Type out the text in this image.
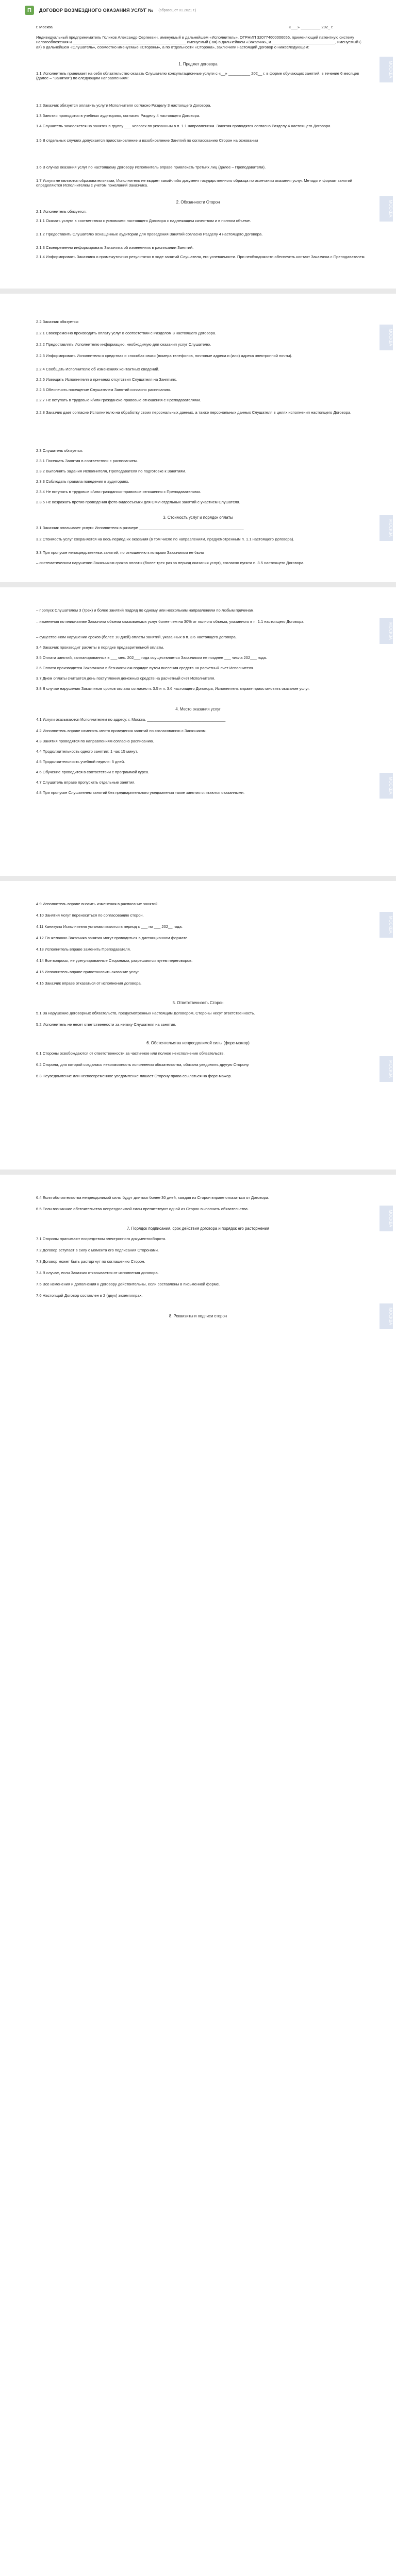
П	ДОГОВОР ВОЗМЕЗДНОГО ОКАЗАНИЯ УСЛУГ № (образец от 01.2021 г.)
г. Москва	«___» _________ 202_ г.
Индивидуальный предприниматель Голиков Александр Сергеевич, именуемый в дальнейшем «Исполнитель», ОГРНИП 320774600006056, применяющий патентную систему налогообложения и ____________________________________________________ именуемый (-ая) в дальнейшем «Заказчик», и _____________________________, именуемый (-ая) в дальнейшем «Слушатель», совместно именуемые «Стороны», а по отдельности «Сторона», заключили настоящий Договор о нижеследующем:
1. Предмет договора
1.1 Исполнитель принимает на себя обязательство оказать Слушателю консультационные услуги с «__» __________ 202__ г. в форме обучающих занятий, в течение 6 месяцев (далее – "Занятия") по следующим направлениям:
1.2 Заказчик обязуется оплатить услуги Исполнителя согласно Разделу 3 настоящего Договора.
1.3 Занятия проводятся в учебных аудиториях, согласно Разделу 4 настоящего Договора.
1.4 Слушатель зачисляется на занятия в группу ___ человек по указанным в п. 1.1 направлениям. Занятия проводятся согласно Разделу 4 настоящего Договора.
1.5 В отдельных случаях допускается приостановление и возобновление Занятий по согласованию Сторон на основании
1.6 В случае оказания услуг по настоящему Договору Исполнитель вправе привлекать третьих лиц (далее – Преподаватели).
1.7 Услуги не являются образовательными, Исполнитель не выдает какой-либо документ государственного образца по окончании оказания услуг. Методы и формат занятий определяются Исполнителем с учетом пожеланий Заказчика.
2. Обязанности Сторон
2.1 Исполнитель обязуется:
2.1.1 Оказать услуги в соответствии с условиями настоящего Договора с надлежащим качеством и в полном объеме.
2.1.2 Предоставить Слушателю оснащенные аудитории для проведения Занятий согласно Разделу 4 настоящего Договора.
2.1.3 Своевременно информировать Заказчика об изменениях в расписании Занятий.
2.1.4 Информировать Заказчика о промежуточных результатах в ходе занятий Слушателя, его успеваемости. При необходимости обеспечить контакт Заказчика с Преподавателем.
МОСКВА
МОСКВА
2.2 Заказчик обязуется:
2.2.1 Своевременно производить оплату услуг в соответствии с Разделом 3 настоящего Договора.
2.2.2 Предоставлять Исполнителю информацию, необходимую для оказания услуг Слушателю.
2.2.3 Информировать Исполнителя о средствах и способах связи (номера телефонов, почтовые адреса и (или) адреса электронной почты).
2.2.4 Сообщать Исполнителю об изменениях контактных сведений.
2.2.5 Извещать Исполнителя о причинах отсутствия Слушателя на Занятиях.
2.2.6 Обеспечить посещение Слушателем Занятий согласно расписанию.
2.2.7 Не вступать в трудовые и/или гражданско-правовые отношения с Преподавателями.
2.2.8 Заказчик дает согласие Исполнителю на обработку своих персональных данных, а также персональных данных Слушателя в целях исполнения настоящего Договора.
2.3 Слушатель обязуется:
2.3.1 Посещать Занятия в соответствии с расписанием.
2.3.2 Выполнять задания Исполнителя, Преподавателя по подготовке к Занятиям.
2.3.3 Соблюдать правила поведения в аудиториях.
2.3.4 Не вступать в трудовые и/или гражданско-правовые отношения с Преподавателями.
2.3.5 Не возражать против проведения фото-видеосъемки для СМИ отдельных занятий с участием Слушателя.
3. Стоимость услуг и порядок оплаты
3.1 Заказчик оплачивает услуги Исполнителя в размере ________________________________________________
3.2 Стоимость услуг сохраняется на весь период их оказания (в том числе по направлениям, предусмотренным п. 1.1 настоящего Договора).
3.3 При пропуске непосредственных занятий, по отношению к которым Заказчиком не было
– систематическом нарушении Заказчиком сроков оплаты (более трех раз за период оказания услуг), согласно пункта п. 3.5 настоящего Договора.
МОСКВА
МОСКВА
– пропуск Слушателем 3 (трех) и более занятий подряд по одному или нескольким направлениям по любым причинам.
– изменения по инициативе Заказчика объема оказываемых услуг более чем на 30% от полного объема, указанного в п. 1.1 настоящего Договора.
– существенном нарушении сроков (более 10 дней) оплаты занятий, указанных в п. 3.6 настоящего договора.
3.4 Заказчик производит расчеты в порядке предварительной оплаты.
3.5 Оплата занятий, запланированных в ___ мес. 202___ года осуществляется Заказчиком не позднее ___ числа 202___ года.
3.6 Оплата производится Заказчиком в безналичном порядке путем внесения средств на расчетный счет Исполнителя.
3.7 Днем оплаты считается день поступления денежных средств на расчетный счет Исполнителя.
3.8 В случае нарушения Заказчиком сроков оплаты согласно п. 3.5 и п. 3.6 настоящего Договора, Исполнитель вправе приостановить оказание услуг.
4. Место оказания услуг
4.1 Услуги оказываются Исполнителем по адресу: г. Москва, ____________________________________
4.2 Исполнитель вправе изменять место проведения занятий по согласованию с Заказчиком.
4.3 Занятия проводятся по направлениям согласно расписанию.
4.4 Продолжительность одного занятия: 1 час 15 минут.
4.5 Продолжительность учебной недели: 5 дней.
4.6 Обучение проводится в соответствии с программой курса.
4.7 Слушатель вправе пропускать отдельные занятия.
4.8 При пропуске Слушателем занятий без предварительного уведомления такие занятия считаются оказанными.
МОСКВА
МОСКВА
4.9 Исполнитель вправе вносить изменения в расписание занятий.
4.10 Занятия могут переноситься по согласованию сторон.
4.11 Каникулы Исполнителя устанавливаются в период с ___ по ___ 202__ года.
4.12 По желанию Заказчика занятия могут проводиться в дистанционном формате.
4.13 Исполнитель вправе заменить Преподавателя.
4.14 Все вопросы, не урегулированные Сторонами, разрешаются путем переговоров.
4.15 Исполнитель вправе приостановить оказание услуг.
4.16 Заказчик вправе отказаться от исполнения договора.
5. Ответственность Сторон
5.1 За нарушение договорных обязательств, предусмотренных настоящим Договором, Стороны несут ответственность.
5.2 Исполнитель не несет ответственности за неявку Слушателя на занятия.
6. Обстоятельства непреодолимой силы (форс-мажор)
6.1 Стороны освобождаются от ответственности за частичное или полное неисполнение обязательств.
6.2 Сторона, для которой создалась невозможность исполнения обязательства, обязана уведомить другую Сторону.
6.3 Неуведомление или несвоевременное уведомление лишает Сторону права ссылаться на форс-мажор.
МОСКВА
МОСКВА
6.4 Если обстоятельства непреодолимой силы будут длиться более 30 дней, каждая из Сторон вправе отказаться от Договора.
6.5 Если возникшие обстоятельства непреодолимой силы препятствуют одной из Сторон выполнить обязательства.
7. Порядок подписания, срок действия договора и порядок его расторжения
7.1 Стороны принимают посредством электронного документооборота.
7.2 Договор вступает в силу с момента его подписания Сторонами.
7.3 Договор может быть расторгнут по соглашению Сторон.
7.4 В случае, если Заказчик отказывается от исполнения договора.
7.5 Все изменения и дополнения к Договору действительны, если составлены в письменной форме.
7.6 Настоящий Договор составлен в 2 (двух) экземплярах.
8. Реквизиты и подписи сторон
МОСКВА
МОСКВА
